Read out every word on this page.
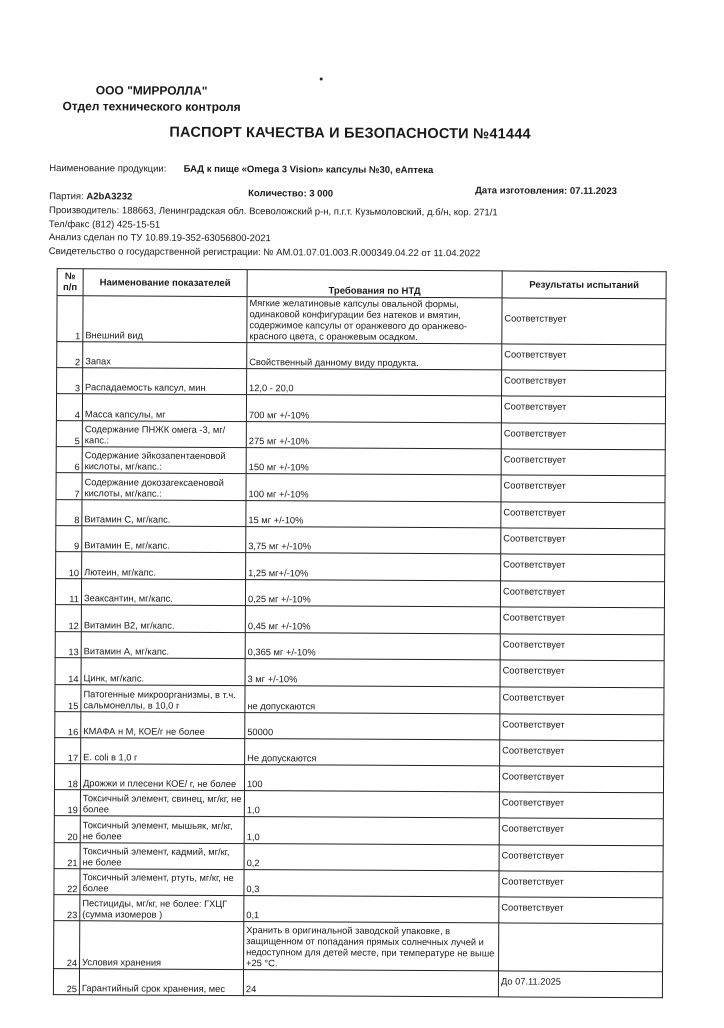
ООО "МИРРОЛЛА"
Отдел технического контроля
ПАСПОРТ КАЧЕСТВА И БЕЗОПАСНОСТИ №41444
Наименование продукции: БАД к пище «Omega 3 Vision» капсулы №30, еАптека
Партия: A2bA3232	Количество: 3 000	Дата изготовления: 07.11.2023
Производитель: 188663, Ленинградская обл. Всеволожский р-н, п.г.т. Кузьмоловский, д.б/н, кор. 271/1
Тел/факс (812) 425-15-51
Анализ сделан по ТУ 10.89.19-352-63056800-2021
Свидетельство о государственной регистрации: № AM.01.07.01.003.R.000349.04.22 от 11.04.2022
№ п/п	Наименование показателей	Требования по НТД	Результаты испытаний
1	Внешний вид	Мягкие желатиновые капсулы овальной формы, одинаковой конфигурации без натеков и вмятин, содержимое капсулы от оранжевого до оранжево-красного цвета, с оранжевым осадком.	Соответствует
2	Запах	Свойственный данному виду продукта.	Соответствует
3	Распадаемость капсул, мин	12,0 - 20,0	Соответствует
4	Масса капсулы, мг	700 мг +/-10%	Соответствует
5	Содержание ПНЖК омега -3, мг/капс.:	275 мг +/-10%	Соответствует
6	Содержание эйкозапентаеновой кислоты, мг/капс.:	150 мг +/-10%	Соответствует
7	Содержание докозагексаеновой кислоты, мг/капс.:	100 мг +/-10%	Соответствует
8	Витамин С, мг/капс.	15 мг +/-10%	Соответствует
9	Витамин Е, мг/капс.	3,75 мг +/-10%	Соответствует
10	Лютеин, мг/капс.	1,25 мг+/-10%	Соответствует
11	Зеаксантин, мг/капс.	0,25 мг +/-10%	Соответствует
12	Витамин В2, мг/капс.	0,45 мг +/-10%	Соответствует
13	Витамин А, мг/капс.	0,365 мг +/-10%	Соответствует
14	Цинк, мг/капс.	3 мг +/-10%	Соответствует
15	Патогенные микроорганизмы, в т.ч. сальмонеллы, в 10,0 г	не допускаются	Соответствует
16	КМАФА н М, КОЕ/г не более	50000	Соответствует
17	E. coli в 1,0 г	Не допускаются	Соответствует
18	Дрожжи и плесени КОЕ/ г, не более	100	Соответствует
19	Токсичный элемент, свинец, мг/кг, не более	1,0	Соответствует
20	Токсичный элемент, мышьяк, мг/кг, не более	1,0	Соответствует
21	Токсичный элемент, кадмий, мг/кг, не более	0,2	Соответствует
22	Токсичный элемент, ртуть, мг/кг, не более	0,3	Соответствует
23	Пестициды, мг/кг, не более: ГХЦГ (сумма изомеров )	0,1	Соответствует
24	Условия хранения	Хранить в оригинальной заводской упаковке, в защищенном от попадания прямых солнечных лучей и недоступном для детей месте, при температуре не выше +25 °С.	
25	Гарантийный срок хранения, мес	24	До 07.11.2025
